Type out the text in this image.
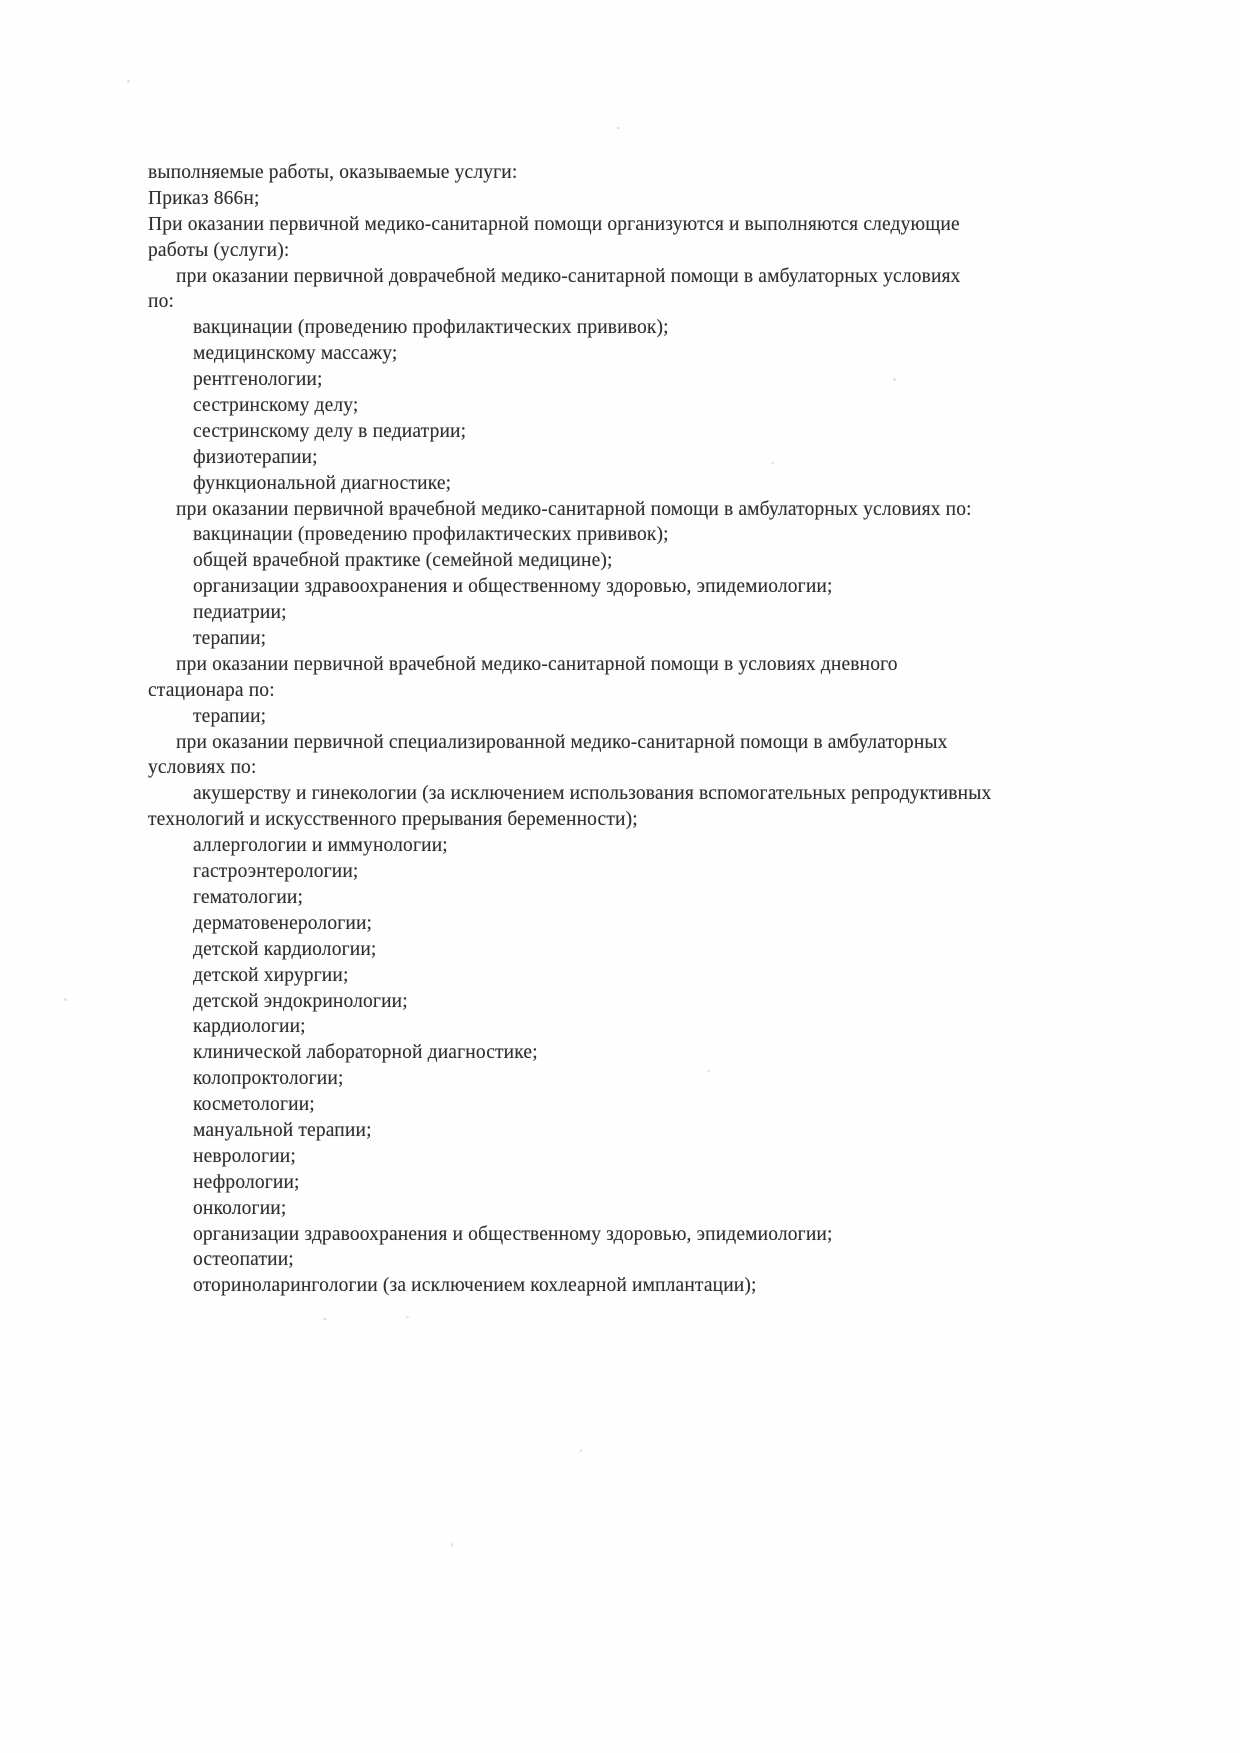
выполняемые работы, оказываемые услуги:
Приказ 866н;
При оказании первичной медико-санитарной помощи организуются и выполняются следующие
работы (услуги):
при оказании первичной доврачебной медико-санитарной помощи в амбулаторных условиях
по:
вакцинации (проведению профилактических прививок);
медицинскому массажу;
рентгенологии;
сестринскому делу;
сестринскому делу в педиатрии;
физиотерапии;
функциональной диагностике;
при оказании первичной врачебной медико-санитарной помощи в амбулаторных условиях по:
вакцинации (проведению профилактических прививок);
общей врачебной практике (семейной медицине);
организации здравоохранения и общественному здоровью, эпидемиологии;
педиатрии;
терапии;
при оказании первичной врачебной медико-санитарной помощи в условиях дневного
стационара по:
терапии;
при оказании первичной специализированной медико-санитарной помощи в амбулаторных
условиях по:
акушерству и гинекологии (за исключением использования вспомогательных репродуктивных
технологий и искусственного прерывания беременности);
аллергологии и иммунологии;
гастроэнтерологии;
гематологии;
дерматовенерологии;
детской кардиологии;
детской хирургии;
детской эндокринологии;
кардиологии;
клинической лабораторной диагностике;
колопроктологии;
косметологии;
мануальной терапии;
неврологии;
нефрологии;
онкологии;
организации здравоохранения и общественному здоровью, эпидемиологии;
остеопатии;
оториноларингологии (за исключением кохлеарной имплантации);
